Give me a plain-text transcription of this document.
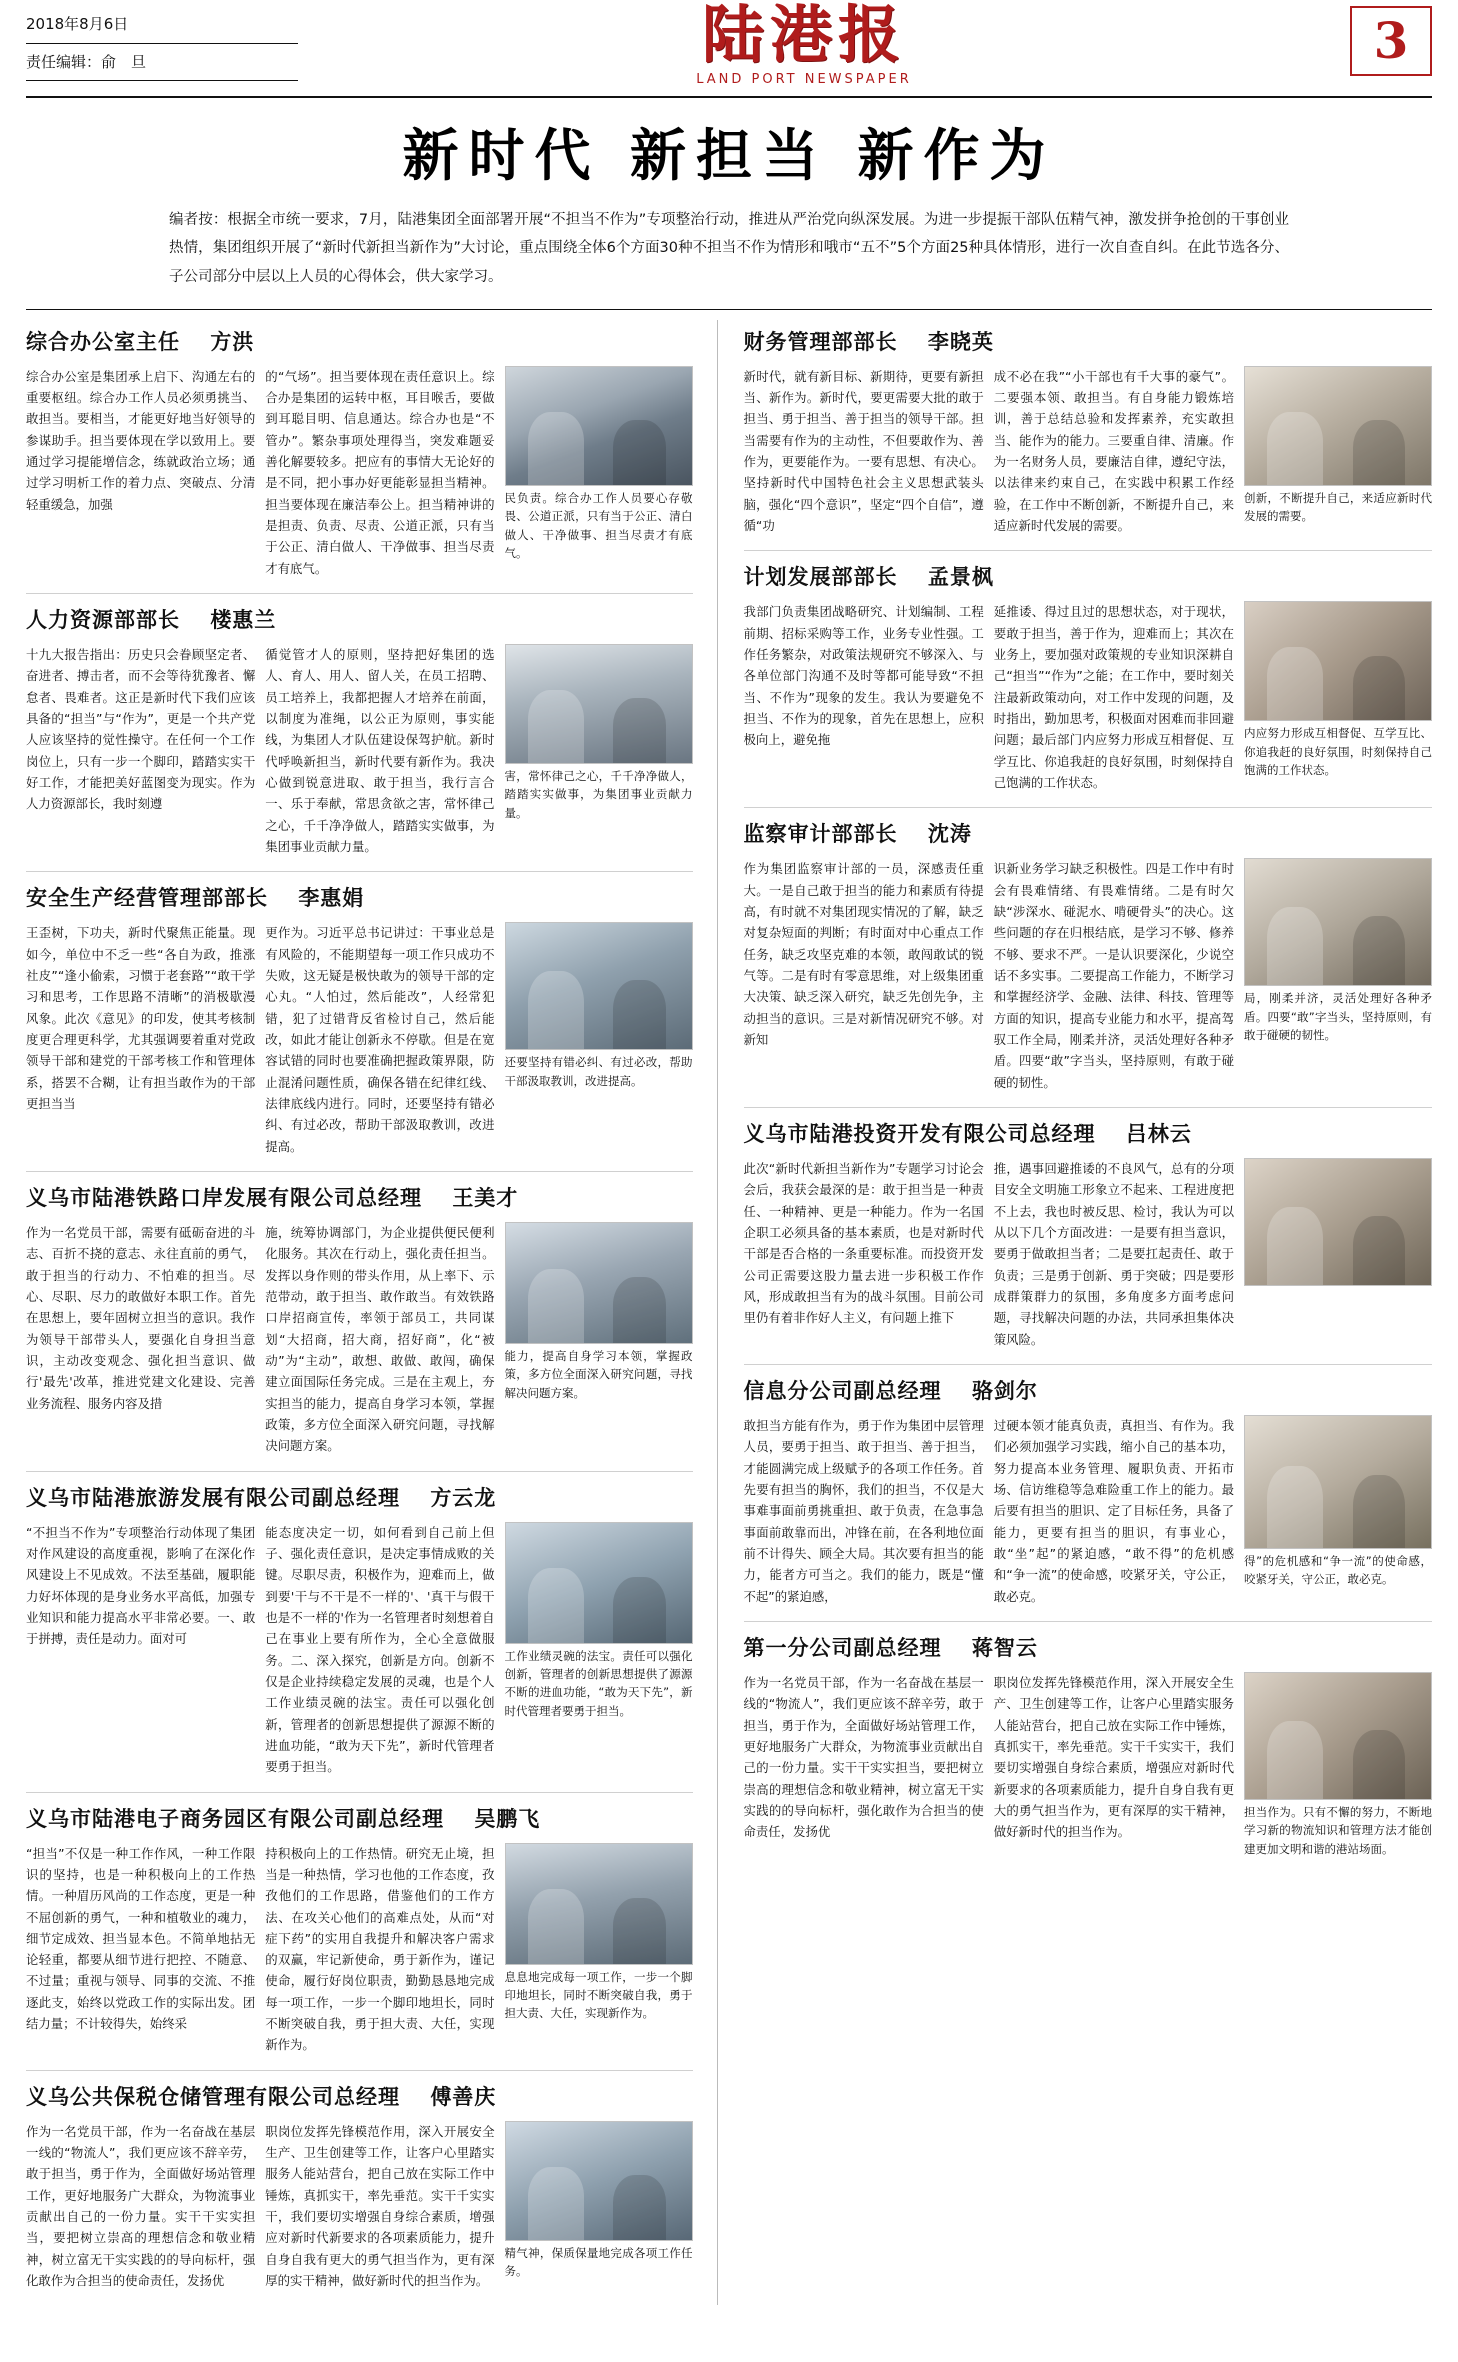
2018年8月6日
责任编辑： 俞　旦	陆港报
LAND PORT NEWSPAPER
3
新时代 新担当 新作为
编者按：根据全市统一要求，7月，陆港集团全面部署开展“不担当不作为”专项整治行动，推进从严治党向纵深发展。为进一步提振干部队伍精气神，激发拼争抢创的干事创业热情，集团组织开展了“新时代新担当新作为”大讨论，重点围绕全体6个方面30种不担当不作为情形和哦市“五不”5个方面25种具体情形，进行一次自查自纠。在此节选各分、子公司部分中层以上人员的心得体会，供大家学习。
综合办公室主任 方洪
综合办公室是集团承上启下、沟通左右的重要枢纽。综合办工作人员必须勇挑当、敢担当。要相当，才能更好地当好领导的参谋助手。担当要体现在学以致用上。要通过学习提能增信念，练就政治立场；通过学习明析工作的着力点、突破点、分清轻重缓急，加强
的“气场”。担当要体现在责任意识上。综合办是集团的运转中枢，耳目喉舌，要做到耳聪目明、信息通达。综合办也是“不管办”。繁杂事项处理得当，突发难题妥善化解要较多。把应有的事情大无论好的是不同，把小事办好更能彰显担当精神。担当要体现在廉洁奉公上。担当精神讲的是担责、负责、尽责、公道正派，只有当于公正、清白做人、干净做事、担当尽责才有底气。
民负责。综合办工作人员要心存敬畏、公道正派，只有当于公正、清白做人、干净做事、担当尽责才有底气。
人力资源部部长 楼惠兰
十九大报告指出：历史只会眷顾坚定者、奋进者、搏击者，而不会等待犹豫者、懈怠者、畏难者。这正是新时代下我们应该具备的“担当”与“作为”，更是一个共产党人应该坚持的觉性操守。在任何一个工作岗位上，只有一步一个脚印，踏踏实实干好工作，才能把美好蓝图变为现实。作为人力资源部长，我时刻遵
循觉管才人的原则，坚持把好集团的选人、育人、用人、留人关，在员工招聘、员工培养上，我都把握人才培养在前面，以制度为准绳，以公正为原则，事实能线，为集团人才队伍建设保驾护航。新时代呼唤新担当，新时代要有新作为。我决心做到锐意进取、敢于担当，我行言合一、乐于奉献，常思贪欲之害，常怀律己之心，千千净净做人，踏踏实实做事，为集团事业贡献力量。
害，常怀律己之心，千千净净做人，踏踏实实做事，为集团事业贡献力量。
安全生产经营管理部部长 李惠娟
王歪树，下功夫，新时代聚焦正能量。现如今，单位中不乏一些“各自为政，推涨社皮”“逢小偷索，习惯于老套路”“敢干学习和思考，工作思路不清晰”的消极歇漫风象。此次《意见》的印发，使其考核制度更合理更科学，尤其强调要着重对党政领导干部和建党的干部考核工作和管理体系，搭罢不合糊，让有担当敢作为的干部更担当当
更作为。习近平总书记讲过：干事业总是有风险的，不能期望每一项工作只成功不失败，这无疑是极快敢为的领导干部的定心丸。“人怕过，然后能改”，人经常犯错，犯了过错背反省检讨自己，然后能改，如此才能让创新永不停歇。但是在宽容试错的同时也要准确把握政策界限，防止混淆问题性质，确保各错在纪律红线、法律底线内进行。同时，还要坚持有错必纠、有过必改，帮助干部汲取教训，改进提高。
还要坚持有错必纠、有过必改，帮助干部汲取教训，改进提高。
义乌市陆港铁路口岸发展有限公司总经理 王美才
作为一名党员干部，需要有砥砺奋进的斗志、百折不挠的意志、永往直前的勇气，敢于担当的行动力、不怕难的担当。尽心、尽职、尽力的敢做好本职工作。首先在思想上，要年固树立担当的意识。我作为领导干部带头人，要强化自身担当意识，主动改变观念、强化担当意识、做行'最先'改革，推进党建文化建设、完善业务流程、服务内容及措
施，统筹协调部门，为企业提供便民便利化服务。其次在行动上，强化责任担当。发挥以身作则的带头作用，从上率下、示范带动，敢于担当、敢作敢当。有效铁路口岸招商宣传，率领于部员工，共同谋划“大招商，招大商，招好商”，化“被动”为“主动”，敢想、敢做、敢闯，确保建立面国际任务完成。三是在主观上，夯实担当的能力，提高自身学习本领，掌握政策，多方位全面深入研究问题，寻找解决问题方案。
能力，提高自身学习本领，掌握政策，多方位全面深入研究问题，寻找解决问题方案。
义乌市陆港旅游发展有限公司副总经理 方云龙
“不担当不作为”专项整治行动体现了集团对作风建设的高度重视，影响了在深化作风建设上不见成效。不法至基础，履职能力好坏体现的是身业务水平高低，加强专业知识和能力提高水平非常必要。一、敢于拼搏，责任是动力。面对可
能态度决定一切，如何看到自己前上但子、强化责任意识，是决定事情成败的关键。尽职尽责，积极作为，迎难而上，做到要'干与不干是不一样的'、'真干与假干也是不一样的'作为一名管理者时刻想着自己在事业上要有所作为，全心全意做服务。二、深入探究，创新是方向。创新不仅是企业持续稳定发展的灵魂，也是个人工作业绩灵碗的法宝。责任可以强化创新，管理者的创新思想提供了源源不断的进血功能，“敢为天下先”，新时代管理者要勇于担当。
工作业绩灵碗的法宝。责任可以强化创新，管理者的创新思想提供了源源不断的进血功能，“敢为天下先”，新时代管理者要勇于担当。
义乌市陆港电子商务园区有限公司副总经理 吴鹏飞
“担当”不仅是一种工作作风，一种工作限识的坚持，也是一种积极向上的工作热情。一种眉历风尚的工作态度，更是一种不屈创新的勇气，一种和植敬业的魂力，细节定成效、担当显本色。不简单地拈无论轻重，都要从细节进行把控、不随意、不过量；重视与领导、同事的交流、不推逐此支，始终以党政工作的实际出发。团结力量；不计较得失，始终采
持积极向上的工作热情。研究无止境，担当是一种热情，学习也他的工作态度，孜孜他们的工作思路，借鉴他们的工作方法、在攻关心他们的高难点处，从而“对症下药”的实用自我提升和解决客户需求的双赢，牢记新使命，勇于新作为，谨记使命，履行好岗位职责，勤勤恳恳地完成每一项工作，一步一个脚印地坦长，同时不断突破自我，勇于担大责、大任，实现新作为。
息息地完成每一项工作，一步一个脚印地坦长，同时不断突破自我，勇于担大责、大任，实现新作为。
义乌公共保税仓储管理有限公司总经理 傅善庆
作为一名党员干部，作为一名奋战在基层一线的“物流人”，我们更应该不辞辛劳，敢于担当，勇于作为，全面做好场站管理工作，更好地服务广大群众，为物流事业贡献出自己的一份力量。实干干实实担当，要把树立崇高的理想信念和敬业精神，树立富无干实实践的的导向标杆，强化敢作为合担当的使命责任，发扬优
职岗位发挥先锋模范作用，深入开展安全生产、卫生创建等工作，让客户心里踏实服务人能站营台，把自己放在实际工作中锤炼，真抓实干，率先垂范。实干千实实干，我们要切实增强自身综合素质，增强应对新时代新要求的各项素质能力，提升自身自我有更大的勇气担当作为，更有深厚的实干精神，做好新时代的担当作为。
精气神，保质保量地完成各项工作任务。
财务管理部部长 李晓英
新时代，就有新目标、新期待，更要有新担当、新作为。新时代，要更需要大批的敢于担当、勇于担当、善于担当的领导干部。担当需要有作为的主动性，不但要敢作为、善作为，更要能作为。一要有思想、有决心。坚持新时代中国特色社会主义思想武装头脑，强化“四个意识”，坚定“四个自信”，遵循“功
成不必在我”“小干部也有千大事的豪气”。二要强本领、敢担当。有自身能力锻炼培训，善于总结总验和发挥素养，充实敢担当、能作为的能力。三要重自律、清廉。作为一名财务人员，要廉洁自律，遵纪守法，以法律来约束自己，在实践中积累工作经验，在工作中不断创新，不断提升自己，来适应新时代发展的需要。
创新，不断提升自己，来适应新时代发展的需要。
计划发展部部长 孟景枫
我部门负责集团战略研究、计划编制、工程前期、招标采购等工作，业务专业性强。工作任务繁杂，对政策法规研究不够深入、与各单位部门沟通不及时等都可能导致“不担当、不作为”现象的发生。我认为要避免不担当、不作为的现象，首先在思想上，应积极向上，避免拖
延推诿、得过且过的思想状态，对于现状，要敢于担当，善于作为，迎难而上；其次在业务上，要加强对政策规的专业知识深耕自己“担当”“作为”之能；在工作中，要时刻关注最新政策动向，对工作中发现的问题，及时指出，勤加思考，积极面对困难而非回避问题；最后部门内应努力形成互相督促、互学互比、你追我赶的良好氛围，时刻保持自己饱满的工作状态。
内应努力形成互相督促、互学互比、你追我赶的良好氛围，时刻保持自己饱满的工作状态。
监察审计部部长 沈涛
作为集团监察审计部的一员，深感责任重大。一是自己敢于担当的能力和素质有待提高，有时就不对集团现实情况的了解，缺乏对复杂短面的判断；有时面对中心重点工作任务，缺乏攻坚克难的本领，敢闯敢试的锐气等。二是有时有零意思维，对上级集团重大决策、缺乏深入研究，缺乏先创先争，主动担当的意识。三是对新情况研究不够。对新知
识新业务学习缺乏积极性。四是工作中有时会有畏难情绪、有畏难情绪。二是有时欠缺“涉深水、碰泥水、啃硬骨头”的决心。这些问题的存在归根结底，是学习不够、修养不够、要求不严。一是认识要深化，少说空话不多实事。二要提高工作能力，不断学习和掌握经济学、金融、法律、科技、管理等方面的知识，提高专业能力和水平，提高驾驭工作全局，刚柔并济，灵活处理好各种矛盾。四要“敢”字当头，坚持原则，有敢于碰硬的韧性。
局，刚柔并济，灵活处理好各种矛盾。四要“敢”字当头，坚持原则，有敢于碰硬的韧性。
义乌市陆港投资开发有限公司总经理 吕林云
此次“新时代新担当新作为”专题学习讨论会会后，我获会最深的是：敢于担当是一种责任、一种精神、更是一种能力。作为一名国企职工必须具备的基本素质，也是对新时代干部是否合格的一条重要标准。而投资开发公司正需要这股力量去进一步积极工作作风，形成敢担当有为的战斗氛围。目前公司里仍有着非作好人主义，有问题上推下
推，遇事回避推诿的不良风气，总有的分项目安全文明施工形象立不起来、工程进度把不上去，我也时被反思、检讨，我认为可以从以下几个方面改进：一是要有担当意识，要勇于做敢担当者；二是要扛起责任、敢于负责；三是勇于创新、勇于突破；四是要形成群策群力的氛围，多角度多方面考虑问题，寻找解决问题的办法，共同承担集体决策风险。
信息分公司副总经理 骆剑尔
敢担当方能有作为，勇于作为集团中层管理人员，要勇于担当、敢于担当、善于担当，才能圆满完成上级赋予的各项工作任务。首先要有担当的胸怀，我们的担当，不仅是大事难事面前勇挑重担、敢于负责，在急事急事面前敢靠而出，冲锋在前，在各利地位面前不计得失、顾全大局。其次要有担当的能力，能者方可当之。我们的能力，既是“懂不起”的紧迫感，
过硬本领才能真负责，真担当、有作为。我们必须加强学习实践，缩小自己的基本功，努力提高本业务管理、履职负责、开拓市场、信访维稳等急难险重工作上的能力。最后要有担当的胆识、定了目标任务，具备了能力，更要有担当的胆识，有事业心，敢“坐”起”的紧迫感，“敢不得”的危机感和“争一流”的使命感，咬紧牙关，守公正，敢必克。
得”的危机感和“争一流”的使命感，咬紧牙关，守公正，敢必克。
第一分公司副总经理 蒋智云
作为一名党员干部，作为一名奋战在基层一线的“物流人”，我们更应该不辞辛劳，敢于担当，勇于作为，全面做好场站管理工作，更好地服务广大群众，为物流事业贡献出自己的一份力量。实干干实实担当，要把树立崇高的理想信念和敬业精神，树立富无干实实践的的导向标杆，强化敢作为合担当的使命责任，发扬优
职岗位发挥先锋模范作用，深入开展安全生产、卫生创建等工作，让客户心里踏实服务人能站营台，把自己放在实际工作中锤炼，真抓实干，率先垂范。实干千实实干，我们要切实增强自身综合素质，增强应对新时代新要求的各项素质能力，提升自身自我有更大的勇气担当作为，更有深厚的实干精神，做好新时代的担当作为。
担当作为。只有不懈的努力，不断地学习新的物流知识和管理方法才能创建更加文明和谐的港站场面。
